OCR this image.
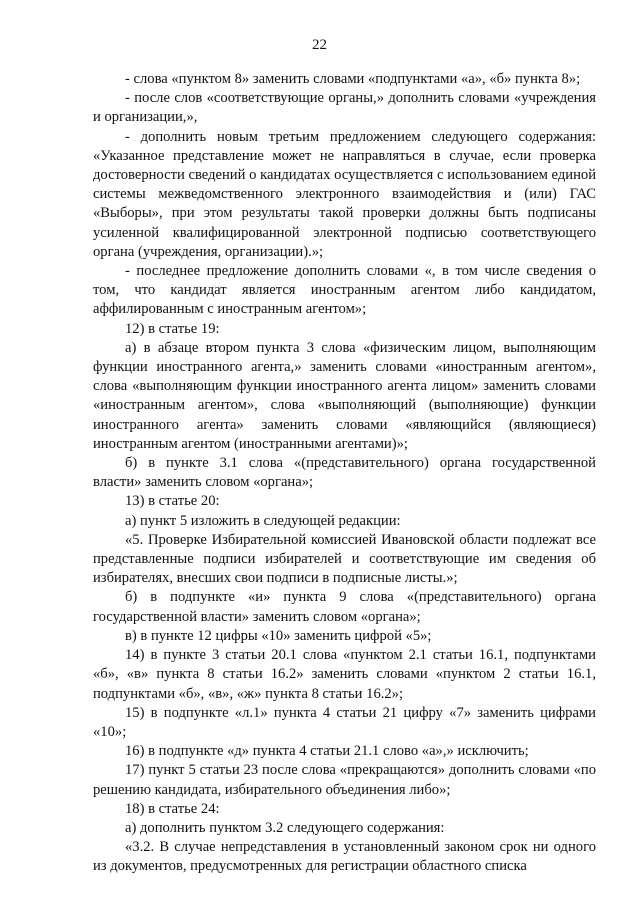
22

- слова «пунктом 8» заменить словами «подпунктами «а», «б» пункта 8»;

- после слов «соответствующие органы,» дополнить словами «учреждения и организации,»,

- дополнить новым третьим предложением следующего содержания: «Указанное представление может не направляться в случае, если проверка достоверности сведений о кандидатах осуществляется с использованием единой системы межведомственного электронного взаимодействия и (или) ГАС «Выборы», при этом результаты такой проверки должны быть подписаны усиленной квалифицированной электронной подписью соответствующего органа (учреждения, организации).»;

- последнее предложение дополнить словами «, в том числе сведения о том, что кандидат является иностранным агентом либо кандидатом, аффилированным с иностранным агентом»;

12) в статье 19:

а) в абзаце втором пункта 3 слова «физическим лицом, выполняющим функции иностранного агента,» заменить словами «иностранным агентом», слова «выполняющим функции иностранного агента лицом» заменить словами «иностранным агентом», слова «выполняющий (выполняющие) функции иностранного агента» заменить словами «являющийся (являющиеся) иностранным агентом (иностранными агентами)»;

б) в пункте 3.1 слова «(представительного) органа государственной власти» заменить словом «органа»;

13) в статье 20:

а) пункт 5 изложить в следующей редакции:

«5. Проверке Избирательной комиссией Ивановской области подлежат все представленные подписи избирателей и соответствующие им сведения об избирателях, внесших свои подписи в подписные листы.»;

б) в подпункте «и» пункта 9 слова «(представительного) органа государственной власти» заменить словом «органа»;

в) в пункте 12 цифры «10» заменить цифрой «5»;

14) в пункте 3 статьи 20.1 слова «пунктом 2.1 статьи 16.1, подпунктами «б», «в» пункта 8 статьи 16.2» заменить словами «пунктом 2 статьи 16.1, подпунктами «б», «в», «ж» пункта 8 статьи 16.2»;

15) в подпункте «л.1» пункта 4 статьи 21 цифру «7» заменить цифрами «10»;

16) в подпункте «д» пункта 4 статьи 21.1 слово «а»,» исключить;

17) пункт 5 статьи 23 после слова «прекращаются» дополнить словами «по решению кандидата, избирательного объединения либо»;

18) в статье 24:

а) дополнить пунктом 3.2 следующего содержания:

«3.2. В случае непредставления в установленный законом срок ни одного из документов, предусмотренных для регистрации областного списка
